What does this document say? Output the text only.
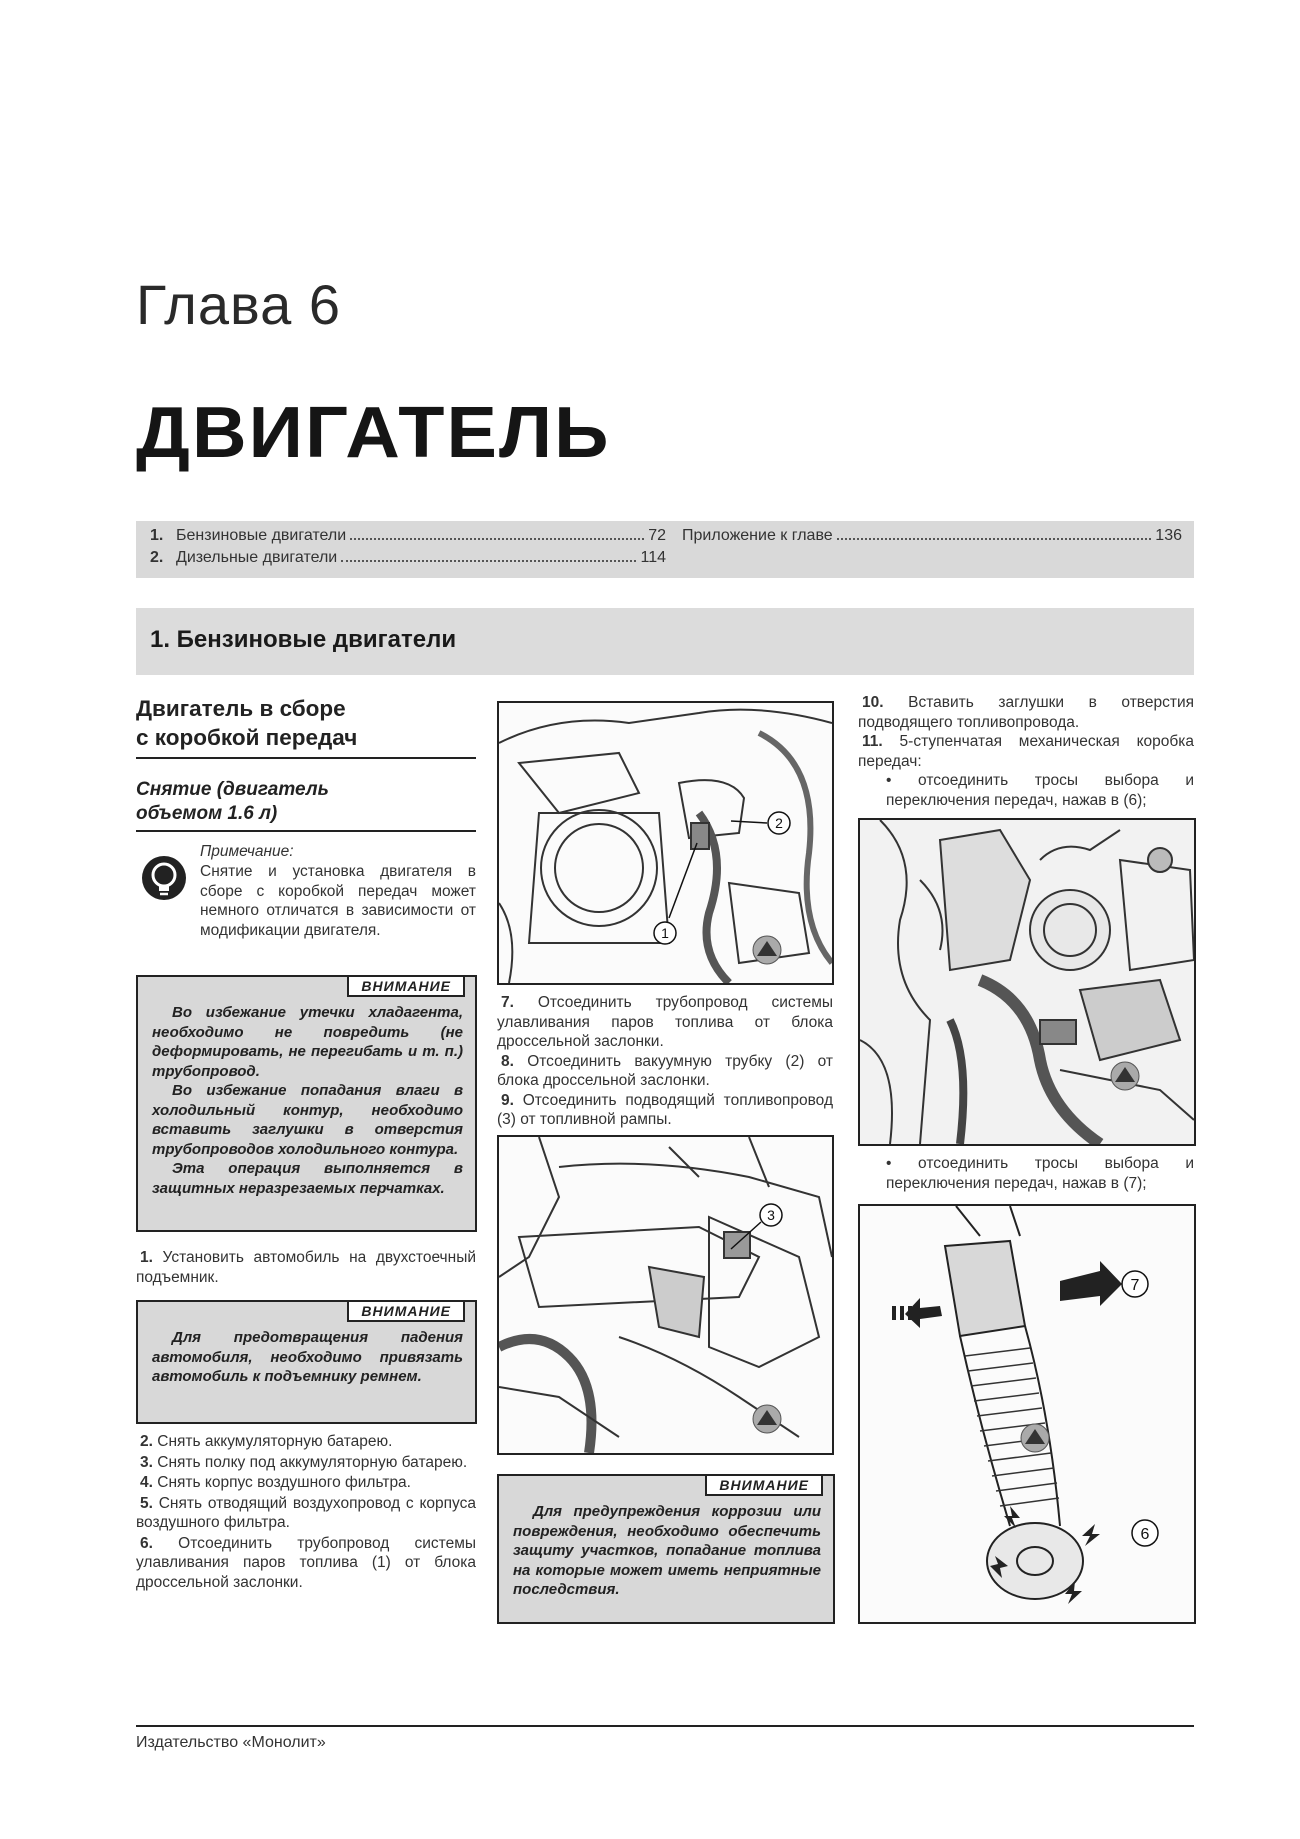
Глава 6
ДВИГАТЕЛЬ
1. Бензиновые двигатели	72
2. Дизельные двигатели	114
Приложение к главе	136
1. Бензиновые двигатели
Двигатель в сборе
с коробкой передач
Снятие (двигатель
объемом 1.6 л)
Примечание:
Снятие и установка двигателя в сборе с коробкой передач может немного отличатся в зависимости от модификации двигателя.
ВНИМАНИЕ
Во избежание утечки хладагента, необходимо не повредить (не деформировать, не перегибать и т. п.) трубопровод.
Во избежание попадания влаги в холодильный контур, необходимо вставить заглушки в отверстия трубопроводов холодильного контура.
Эта операция выполняется в защитных неразрезаемых перчатках.

1. Установить автомобиль на двухстоечный подъемник.

ВНИМАНИЕ
Для предотвращения падения автомобиля, необходимо привязать автомобиль к подъемнику ремнем.

2. Снять аккумуляторную батарею.

3. Снять полку под аккумуляторную батарею.

4. Снять корпус воздушного фильтра.

5. Снять отводящий воздухопровод с корпуса воздушного фильтра.

6. Отсоединить трубопровод системы улавливания паров топлива (1) от блока дроссельной заслонки.

1
2

7. Отсоединить трубопровод системы улавливания паров топлива от блока дроссельной заслонки.

8. Отсоединить вакуумную трубку (2) от блока дроссельной заслонки.

9. Отсоединить подводящий топливопровод (3) от топливной рампы.

3
ВНИМАНИЕ
Для предупреждения коррозии или повреждения, необходимо обеспечить защиту участков, попадание топлива на которые может иметь неприятные последствия.

10. Вставить заглушки в отверстия подводящего топливопровода.

11. 5-ступенчатая механическая коробка передач:

• отсоединить тросы выбора и переключения передач, нажав в (6);

• отсоединить тросы выбора и переключения передач, нажав в (7);

7
6
Издательство «Монолит»
